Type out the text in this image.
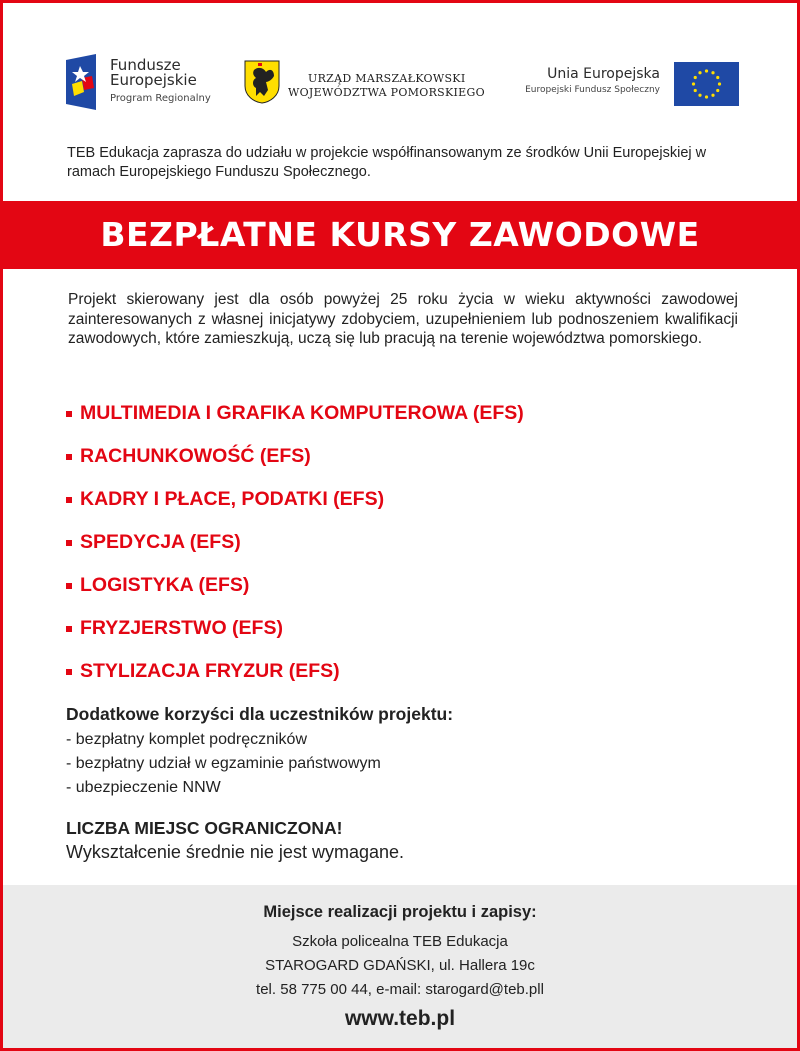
Fundusze
Europejskie
Program Regionalny
URZĄD MARSZAŁKOWSKI
WOJEWÓDZTWA POMORSKIEGO
Unia Europejska
Europejski Fundusz Społeczny
TEB Edukacja zaprasza do udziału w projekcie współfinansowanym ze środków Unii Europejskiej w ramach Europejskiego Funduszu Społecznego.
BEZPŁATNE KURSY ZAWODOWE
Projekt skierowany jest dla osób powyżej 25 roku życia w wieku aktywności zawodowej zainteresowanych z własnej inicjatywy zdobyciem, uzupełnieniem lub podnoszeniem kwalifikacji zawodowych, które zamieszkują, uczą się lub pracują na terenie województwa pomorskiego.
MULTIMEDIA I GRAFIKA KOMPUTEROWA (EFS)
RACHUNKOWOŚĆ (EFS)
KADRY I PŁACE, PODATKI (EFS)
SPEDYCJA (EFS)
LOGISTYKA (EFS)
FRYZJERSTWO (EFS)
STYLIZACJA FRYZUR (EFS)
Dodatkowe korzyści dla uczestników projektu:
- bezpłatny komplet podręczników
- bezpłatny udział w egzaminie państwowym
- ubezpieczenie NNW
LICZBA MIEJSC OGRANICZONA!
Wykształcenie średnie nie jest wymagane.
Miejsce realizacji projektu i zapisy:
Szkoła policealna TEB Edukacja
STAROGARD GDAŃSKI, ul. Hallera 19c
tel. 58 775 00 44, e-mail: starogard@teb.pll
www.teb.pl
